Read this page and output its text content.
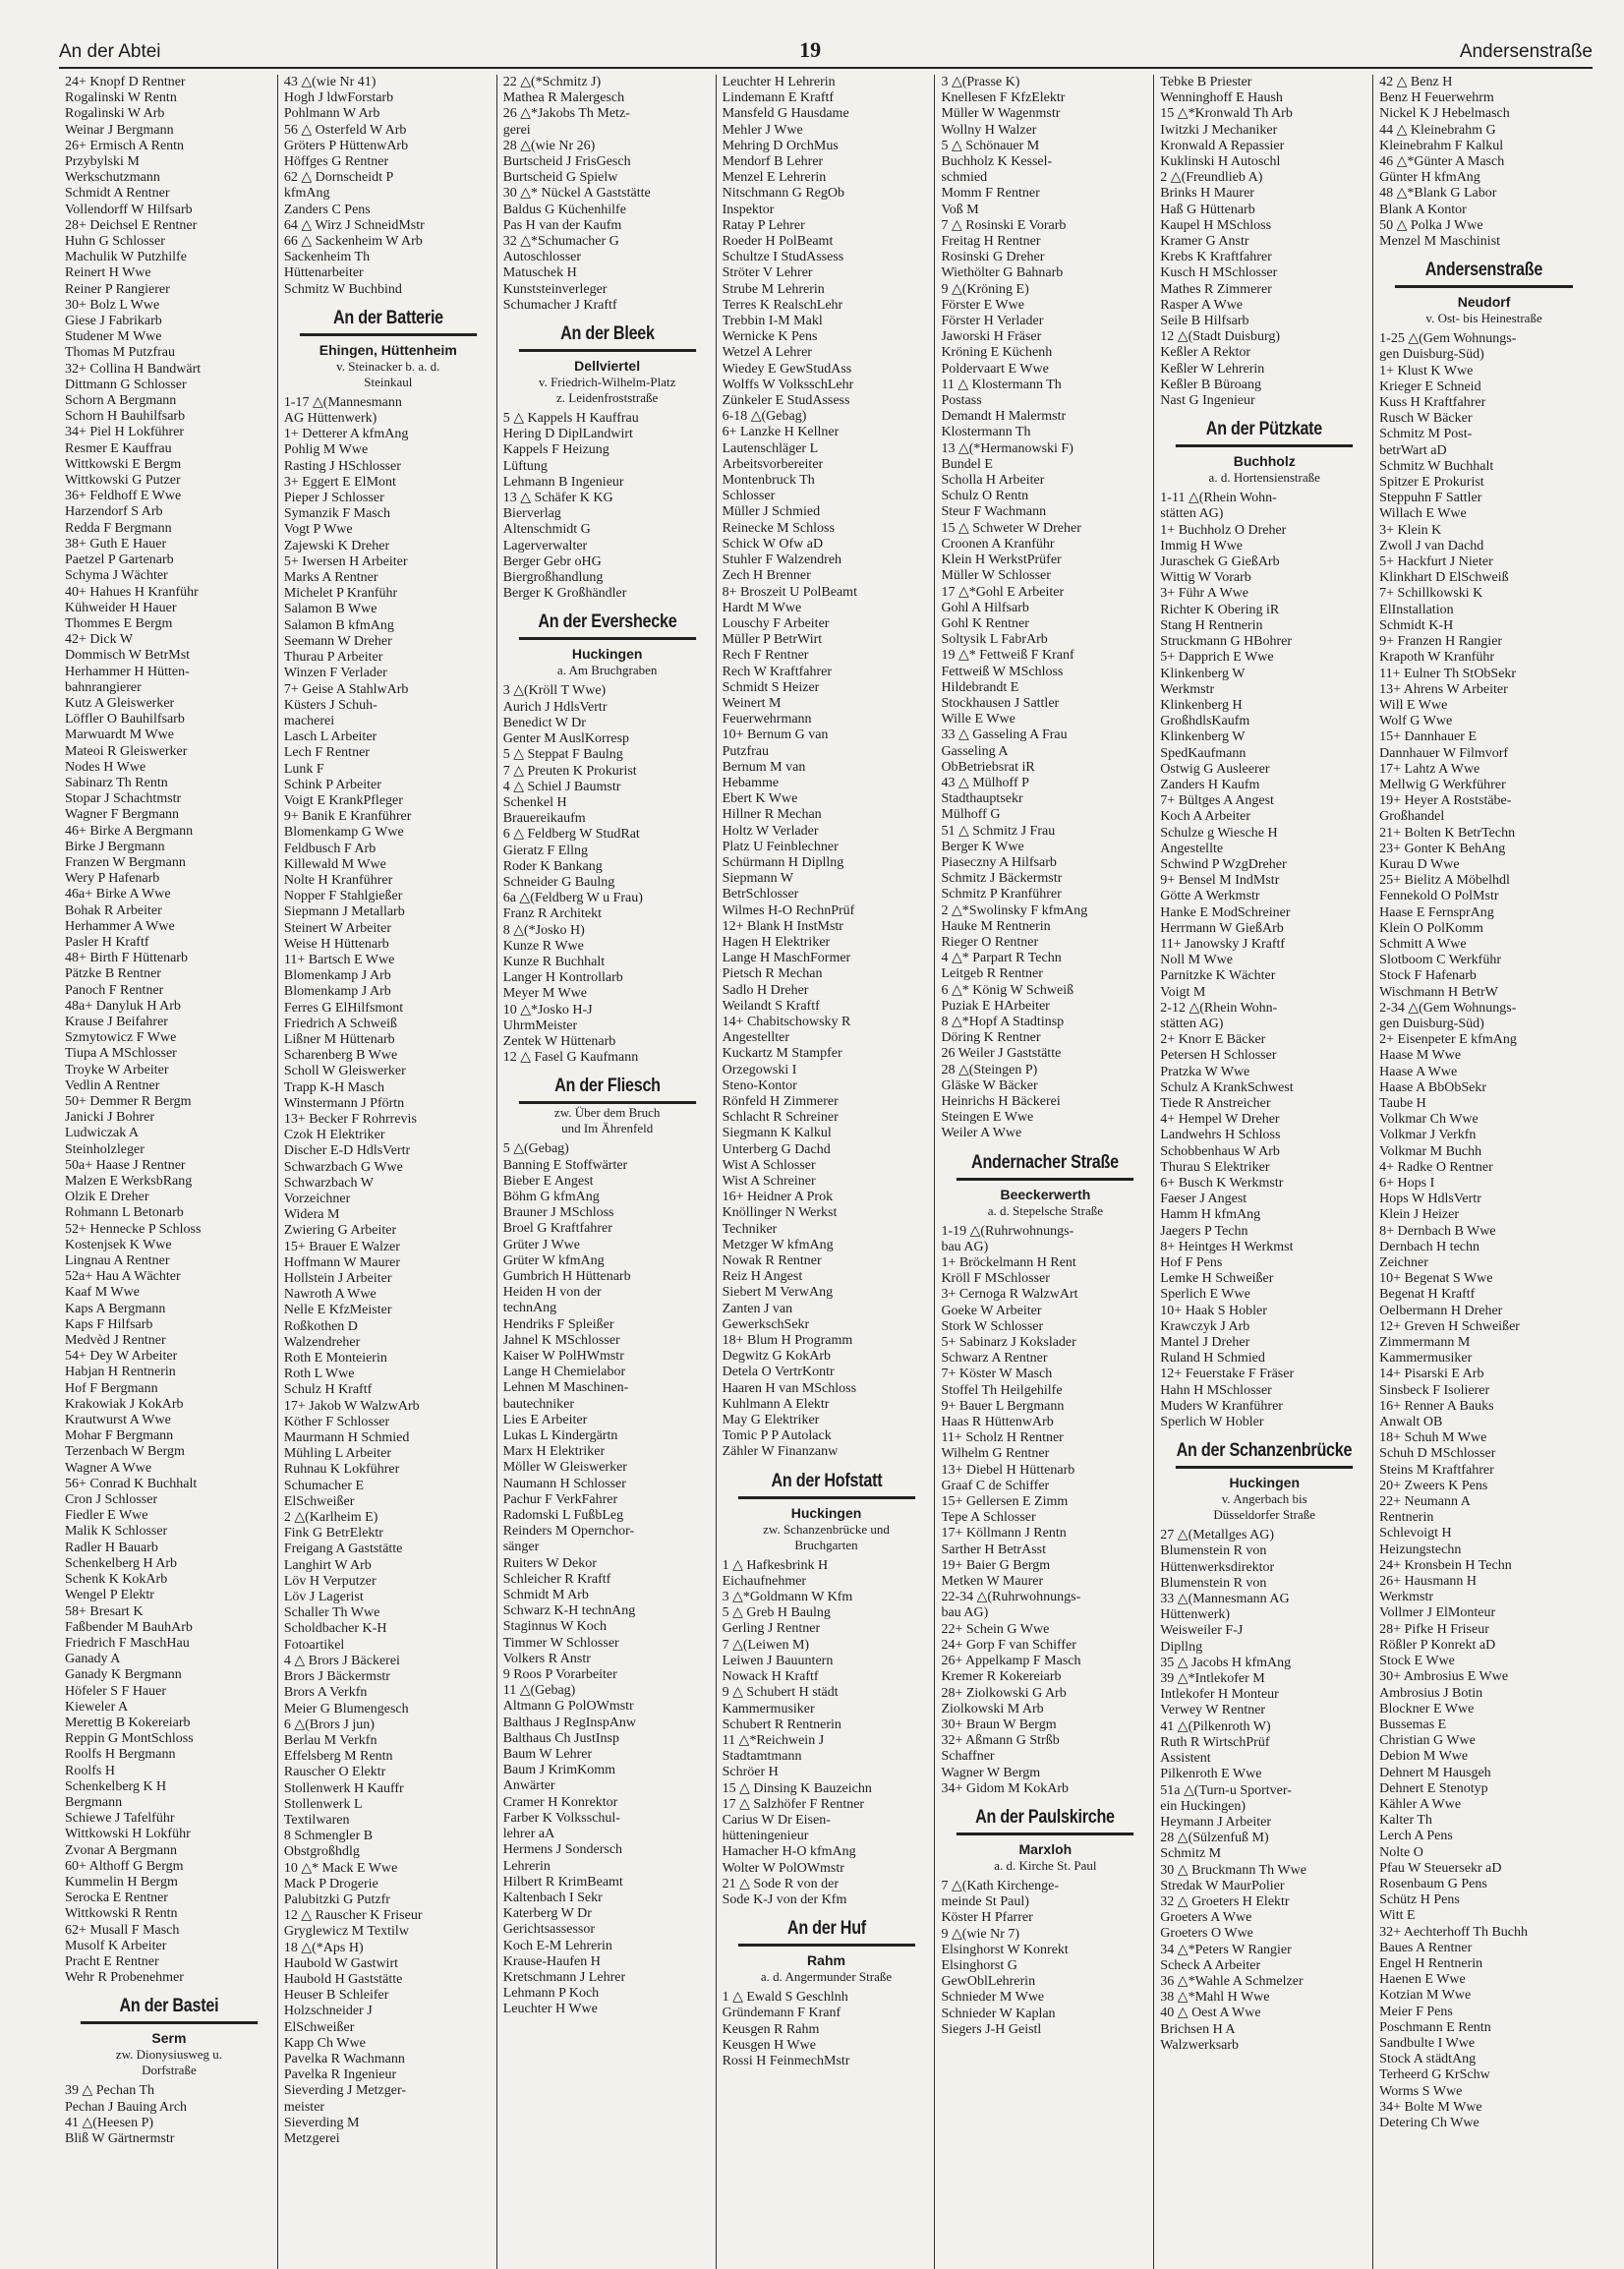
An der Abtei	19	Andersenstraße
24+ Knopf D Rentner
Rogalinski W Rentn
Rogalinski W Arb
Weinar J Bergmann
26+ Ermisch A Rentn
Przybylski M
Werkschutzmann
Schmidt A Rentner
Vollendorff W Hilfsarb
28+ Deichsel E Rentner
Huhn G Schlosser
Machulik W Putzhilfe
Reinert H Wwe
Reiner P Rangierer
30+ Bolz L Wwe
Giese J Fabrikarb
Studener M Wwe
Thomas M Putzfrau
32+ Collina H Bandwärt
Dittmann G Schlosser
Schorn A Bergmann
Schorn H Bauhilfsarb
34+ Piel H Lokführer
Resmer E Kauffrau
Wittkowski E Bergm
Wittkowski G Putzer
36+ Feldhoff E Wwe
Harzendorf S Arb
Redda F Bergmann
38+ Guth E Hauer
Paetzel P Gartenarb
Schyma J Wächter
40+ Hahues H Kranführ
Kühweider H Hauer
Thommes E Bergm
42+ Dick W
Dommisch W BetrMst
Herhammer H Hütten-
bahnrangierer
Kutz A Gleiswerker
Löffler O Bauhilfsarb
Marwuardt M Wwe
Mateoi R Gleiswerker
Nodes H Wwe
Sabinarz Th Rentn
Stopar J Schachtmstr
Wagner F Bergmann
46+ Birke A Bergmann
Birke J Bergmann
Franzen W Bergmann
Wery P Hafenarb
46a+ Birke A Wwe
Bohak R Arbeiter
Herhammer A Wwe
Pasler H Kraftf
48+ Birth F Hüttenarb
Pätzke B Rentner
Panoch F Rentner
48a+ Danyluk H Arb
Krause J Beifahrer
Szmytowicz F Wwe
Tiupa A MSchlosser
Troyke W Arbeiter
Vedlin A Rentner
50+ Demmer R Bergm
Janicki J Bohrer
Ludwiczak A
Steinholzleger
50a+ Haase J Rentner
Malzen E WerksbRang
Olzik E Dreher
Rohmann L Betonarb
52+ Hennecke P Schloss
Kostenjsek K Wwe
Lingnau A Rentner
52a+ Hau A Wächter
Kaaf M Wwe
Kaps A Bergmann
Kaps F Hilfsarb
Medvèd J Rentner
54+ Dey W Arbeiter
Habjan H Rentnerin
Hof F Bergmann
Krakowiak J KokArb
Krautwurst A Wwe
Mohar F Bergmann
Terzenbach W Bergm
Wagner A Wwe
56+ Conrad K Buchhalt
Cron J Schlosser
Fiedler E Wwe
Malik K Schlosser
Radler H Bauarb
Schenkelberg H Arb
Schenk K KokArb
Wengel P Elektr
58+ Bresart K
Faßbender M BauhArb
Friedrich F MaschHau
Ganady A
Ganady K Bergmann
Höfeler S F Hauer
Kieweler A
Merettig B Kokereiarb
Reppin G MontSchloss
Roolfs H Bergmann
Roolfs H
Schenkelberg K H
Bergmann
Schiewe J Tafelführ
Wittkowski H Lokführ
Zvonar A Bergmann
60+ Althoff G Bergm
Kummelin H Bergm
Serocka E Rentner
Wittkowski R Rentn
62+ Musall F Masch
Musolf K Arbeiter
Pracht E Rentner
Wehr R Probenehmer
An der Bastei
Serm
zw. Dionysiusweg u.
Dorfstraße
39 △ Pechan Th
Pechan J Bauing Arch
41 △(Heesen P)
Bliß W Gärtnermstr
43 △(wie Nr 41)
Hogh J ldwForstarb
Pohlmann W Arb
56 △ Osterfeld W Arb
Gröters P HüttenwArb
Höffges G Rentner
62 △ Dornscheidt P
kfmAng
Zanders C Pens
64 △ Wirz J SchneidMstr
66 △ Sackenheim W Arb
Sackenheim Th
Hüttenarbeiter
Schmitz W Buchbind
An der Batterie
Ehingen, Hüttenheim
v. Steinacker b. a. d.
Steinkaul
1-17 △(Mannesmann
AG Hüttenwerk)
1+ Detterer A kfmAng
Pohlig M Wwe
Rasting J HSchlosser
3+ Eggert E ElMont
Pieper J Schlosser
Symanzik F Masch
Vogt P Wwe
Zajewski K Dreher
5+ Iwersen H Arbeiter
Marks A Rentner
Michelet P Kranführ
Salamon B Wwe
Salamon B kfmAng
Seemann W Dreher
Thurau P Arbeiter
Winzen F Verlader
7+ Geise A StahlwArb
Küsters J Schuh-
macherei
Lasch L Arbeiter
Lech F Rentner
Lunk F
Schink P Arbeiter
Voigt E KrankPfleger
9+ Banik E Kranführer
Blomenkamp G Wwe
Feldbusch F Arb
Killewald M Wwe
Nolte H Kranführer
Nopper F Stahlgießer
Siepmann J Metallarb
Steinert W Arbeiter
Weise H Hüttenarb
11+ Bartsch E Wwe
Blomenkamp J Arb
Blomenkamp J Arb
Ferres G ElHilfsmont
Friedrich A Schweiß
Lißner M Hüttenarb
Scharenberg B Wwe
Scholl W Gleiswerker
Trapp K-H Masch
Winstermann J Pförtn
13+ Becker F Rohrrevis
Czok H Elektriker
Discher E-D HdlsVertr
Schwarzbach G Wwe
Schwarzbach W
Vorzeichner
Widera M
Zwiering G Arbeiter
15+ Brauer E Walzer
Hoffmann W Maurer
Hollstein J Arbeiter
Nawroth A Wwe
Nelle E KfzMeister
Roßkothen D
Walzendreher
Roth E Monteierin
Roth L Wwe
Schulz H Kraftf
17+ Jakob W WalzwArb
Köther F Schlosser
Maurmann H Schmied
Mühling L Arbeiter
Ruhnau K Lokführer
Schumacher E
ElSchweißer
2 △(Karlheim E)
Fink G BetrElektr
Freigang A Gaststätte
Langhirt W Arb
Löv H Verputzer
Löv J Lagerist
Schaller Th Wwe
Scholdbacher K-H
Fotoartikel
4 △ Brors J Bäckerei
Brors J Bäckermstr
Brors A Verkfn
Meier G Blumengesch
6 △(Brors J jun)
Berlau M Verkfn
Effelsberg M Rentn
Rauscher O Elektr
Stollenwerk H Kauffr
Stollenwerk L
Textilwaren
8 Schmengler B
Obstgroßhdlg
10 △* Mack E Wwe
Mack P Drogerie
Palubitzki G Putzfr
12 △ Rauscher K Friseur
Gryglewicz M Textilw
18 △(*Aps H)
Haubold W Gastwirt
Haubold H Gaststätte
Heuser B Schleifer
Holzschneider J
ElSchweißer
Kapp Ch Wwe
Pavelka R Wachmann
Pavelka R Ingenieur
Sieverding J Metzger-
meister
Sieverding M
Metzgerei
22 △(*Schmitz J)
Mathea R Malergesch
26 △*Jakobs Th Metz-
gerei
28 △(wie Nr 26)
Burtscheid J FrisGesch
Burtscheid G Spielw
30 △* Nückel A Gaststätte
Baldus G Küchenhilfe
Pas H van der Kaufm
32 △*Schumacher G
Autoschlosser
Matuschek H
Kunststeinverleger
Schumacher J Kraftf
An der Bleek
Dellviertel
v. Friedrich-Wilhelm-Platz
z. Leidenfroststraße
5 △ Kappels H Kauffrau
Hering D DiplLandwirt
Kappels F Heizung
Lüftung
Lehmann B Ingenieur
13 △ Schäfer K KG
Bierverlag
Altenschmidt G
Lagerverwalter
Berger Gebr oHG
Biergroßhandlung
Berger K Großhändler
An der Evershecke
Huckingen
a. Am Bruchgraben
3 △(Kröll T Wwe)
Aurich J HdlsVertr
Benedict W Dr
Genter M AuslKorresp
5 △ Steppat F Baulng
7 △ Preuten K Prokurist
4 △ Schiel J Baumstr
Schenkel H
Brauereikaufm
6 △ Feldberg W StudRat
Gieratz F Ellng
Roder K Bankang
Schneider G Baulng
6a △(Feldberg W u Frau)
Franz R Architekt
8 △(*Josko H)
Kunze R Wwe
Kunze R Buchhalt
Langer H Kontrollarb
Meyer M Wwe
10 △*Josko H-J
UhrmMeister
Zentek W Hüttenarb
12 △ Fasel G Kaufmann
An der Fliesch
zw. Über dem Bruch
und Im Ährenfeld
5 △(Gebag)
Banning E Stoffwärter
Bieber E Angest
Böhm G kfmAng
Brauner J MSchloss
Broel G Kraftfahrer
Grüter J Wwe
Grüter W kfmAng
Gumbrich H Hüttenarb
Heiden H von der
technAng
Hendriks F Spleißer
Jahnel K MSchlosser
Kaiser W PolHWmstr
Lange H Chemielabor
Lehnen M Maschinen-
bautechniker
Lies E Arbeiter
Lukas L Kindergärtn
Marx H Elektriker
Möller W Gleiswerker
Naumann H Schlosser
Pachur F VerkFahrer
Radomski L FußbLeg
Reinders M Opernchor-
sänger
Ruiters W Dekor
Schleicher R Kraftf
Schmidt M Arb
Schwarz K-H technAng
Staginnus W Koch
Timmer W Schlosser
Volkers R Anstr
9 Roos P Vorarbeiter
11 △(Gebag)
Altmann G PolOWmstr
Balthaus J RegInspAnw
Balthaus Ch JustInsp
Baum W Lehrer
Baum J KrimKomm
Anwärter
Cramer H Konrektor
Farber K Volksschul-
lehrer aA
Hermens J Sondersch
Lehrerin
Hilbert R KrimBeamt
Kaltenbach I Sekr
Katerberg W Dr
Gerichtsassessor
Koch E-M Lehrerin
Krause-Haufen H
Kretschmann J Lehrer
Lehmann P Koch
Leuchter H Wwe
Leuchter H Lehrerin
Lindemann E Kraftf
Mansfeld G Hausdame
Mehler J Wwe
Mehring D OrchMus
Mendorf B Lehrer
Menzel E Lehrerin
Nitschmann G RegOb
Inspektor
Ratay P Lehrer
Roeder H PolBeamt
Schultze I StudAssess
Ströter V Lehrer
Strube M Lehrerin
Terres K RealschLehr
Trebbin I-M Makl
Wernicke K Pens
Wetzel A Lehrer
Wiedey E GewStudAss
Wolffs W VolksschLehr
Zünkeler E StudAssess
6-18 △(Gebag)
6+ Lanzke H Kellner
Lautenschläger L
Arbeitsvorbereiter
Montenbruck Th
Schlosser
Müller J Schmied
Reinecke M Schloss
Schick W Ofw aD
Stuhler F Walzendreh
Zech H Brenner
8+ Broszeit U PolBeamt
Hardt M Wwe
Louschy F Arbeiter
Müller P BetrWirt
Rech F Rentner
Rech W Kraftfahrer
Schmidt S Heizer
Weinert M
Feuerwehrmann
10+ Bernum G van
Putzfrau
Bernum M van
Hebamme
Ebert K Wwe
Hillner R Mechan
Holtz W Verlader
Platz U Feinblechner
Schürmann H Dipllng
Siepmann W
BetrSchlosser
Wilmes H-O RechnPrüf
12+ Blank H InstMstr
Hagen H Elektriker
Lange H MaschFormer
Pietsch R Mechan
Sadlo H Dreher
Weilandt S Kraftf
14+ Chabitschowsky R
Angestellter
Kuckartz M Stampfer
Orzegowski I
Steno-Kontor
Rönfeld H Zimmerer
Schlacht R Schreiner
Siegmann K Kalkul
Unterberg G Dachd
Wist A Schlosser
Wist A Schreiner
16+ Heidner A Prok
Knöllinger N Werkst
Techniker
Metzger W kfmAng
Nowak R Rentner
Reiz H Angest
Siebert M VerwAng
Zanten J van
GewerkschSekr
18+ Blum H Programm
Degwitz G KokArb
Detela O VertrKontr
Haaren H van MSchloss
Kuhlmann A Elektr
May G Elektriker
Tomic P P Autolack
Zähler W Finanzanw
An der Hofstatt
Huckingen
zw. Schanzenbrücke und
Bruchgarten
1 △ Hafkesbrink H
Eichaufnehmer
3 △*Goldmann W Kfm
5 △ Greb H Baulng
Gerling J Rentner
7 △(Leiwen M)
Leiwen J Bauuntern
Nowack H Kraftf
9 △ Schubert H städt
Kammermusiker
Schubert R Rentnerin
11 △*Reichwein J
Stadtamtmann
Schröer H
15 △ Dinsing K Bauzeichn
17 △ Salzhöfer F Rentner
Carius W Dr Eisen-
hütteningenieur
Hamacher H-O kfmAng
Wolter W PolOWmstr
21 △ Sode R von der
Sode K-J von der Kfm
An der Huf
Rahm
a. d. Angermunder Straße
1 △ Ewald S Geschlnh
Gründemann F Kranf
Keusgen R Rahm
Keusgen H Wwe
Rossi H FeinmechMstr
3 △(Prasse K)
Knellesen F KfzElektr
Müller W Wagenmstr
Wollny H Walzer
5 △ Schönauer M
Buchholz K Kessel-
schmied
Momm F Rentner
Voß M
7 △ Rosinski E Vorarb
Freitag H Rentner
Rosinski G Dreher
Wiethölter G Bahnarb
9 △(Kröning E)
Förster E Wwe
Förster H Verlader
Jaworski H Fräser
Kröning E Küchenh
Poldervaart E Wwe
11 △ Klostermann Th
Postass
Demandt H Malermstr
Klostermann Th
13 △(*Hermanowski F)
Bundel E
Scholla H Arbeiter
Schulz O Rentn
Steur F Wachmann
15 △ Schweter W Dreher
Croonen A Kranführ
Klein H WerkstPrüfer
Müller W Schlosser
17 △*Gohl E Arbeiter
Gohl A Hilfsarb
Gohl K Rentner
Soltysik L FabrArb
19 △* Fettweiß F Kranf
Fettweiß W MSchloss
Hildebrandt E
Stockhausen J Sattler
Wille E Wwe
33 △ Gasseling A Frau
Gasseling A
ObBetriebsrat iR
43 △ Mülhoff P
Stadthauptsekr
Mülhoff G
51 △ Schmitz J Frau
Berger K Wwe
Piaseczny A Hilfsarb
Schmitz J Bäckermstr
Schmitz P Kranführer
2 △*Swolinsky F kfmAng
Hauke M Rentnerin
Rieger O Rentner
4 △* Parpart R Techn
Leitgeb R Rentner
6 △* König W Schweiß
Puziak E HArbeiter
8 △*Hopf A Stadtinsp
Döring K Rentner
26 Weiler J Gaststätte
28 △(Steingen P)
Gläske W Bäcker
Heinrichs H Bäckerei
Steingen E Wwe
Weiler A Wwe
Andernacher Straße
Beeckerwerth
a. d. Stepelsche Straße
1-19 △(Ruhrwohnungs-
bau AG)
1+ Bröckelmann H Rent
Kröll F MSchlosser
3+ Cernoga R WalzwArt
Goeke W Arbeiter
Stork W Schlosser
5+ Sabinarz J Kokslader
Schwarz A Rentner
7+ Köster W Masch
Stoffel Th Heilgehilfe
9+ Bauer L Bergmann
Haas R HüttenwArb
11+ Scholz H Rentner
Wilhelm G Rentner
13+ Diebel H Hüttenarb
Graaf C de Schiffer
15+ Gellersen E Zimm
Tepe A Schlosser
17+ Köllmann J Rentn
Sarther H BetrAsst
19+ Baier G Bergm
Metken W Maurer
22-34 △(Ruhrwohnungs-
bau AG)
22+ Schein G Wwe
24+ Gorp F van Schiffer
26+ Appelkamp F Masch
Kremer R Kokereiarb
28+ Ziolkowski G Arb
Ziolkowski M Arb
30+ Braun W Bergm
32+ Aßmann G Strßb
Schaffner
Wagner W Bergm
34+ Gidom M KokArb
An der Paulskirche
Marxloh
a. d. Kirche St. Paul
7 △(Kath Kirchenge-
meinde St Paul)
Köster H Pfarrer
9 △(wie Nr 7)
Elsinghorst W Konrekt
Elsinghorst G
GewOblLehrerin
Schnieder M Wwe
Schnieder W Kaplan
Siegers J-H Geistl
Tebke B Priester
Wenninghoff E Haush
15 △*Kronwald Th Arb
Iwitzki J Mechaniker
Kronwald A Repassier
Kuklinski H Autoschl
2 △(Freundlieb A)
Brinks H Maurer
Haß G Hüttenarb
Kaupel H MSchloss
Kramer G Anstr
Krebs K Kraftfahrer
Kusch H MSchlosser
Mathes R Zimmerer
Rasper A Wwe
Seile B Hilfsarb
12 △(Stadt Duisburg)
Keßler A Rektor
Keßler W Lehrerin
Keßler B Büroang
Nast G Ingenieur
An der Pützkate
Buchholz
a. d. Hortensienstraße
1-11 △(Rhein Wohn-
stätten AG)
1+ Buchholz O Dreher
Immig H Wwe
Juraschek G GießArb
Wittig W Vorarb
3+ Führ A Wwe
Richter K Obering iR
Stang H Rentnerin
Struckmann G HBohrer
5+ Dapprich E Wwe
Klinkenberg W
Werkmstr
Klinkenberg H
GroßhdlsKaufm
Klinkenberg W
SpedKaufmann
Ostwig G Ausleerer
Zanders H Kaufm
7+ Bültges A Angest
Koch A Arbeiter
Schulze g Wiesche H
Angestellte
Schwind P WzgDreher
9+ Bensel M IndMstr
Götte A Werkmstr
Hanke E ModSchreiner
Herrmann W GießArb
11+ Janowsky J Kraftf
Noll M Wwe
Parnitzke K Wächter
Voigt M
2-12 △(Rhein Wohn-
stätten AG)
2+ Knorr E Bäcker
Petersen H Schlosser
Pratzka W Wwe
Schulz A KrankSchwest
Tiede R Anstreicher
4+ Hempel W Dreher
Landwehrs H Schloss
Schobbenhaus W Arb
Thurau S Elektriker
6+ Busch K Werkmstr
Faeser J Angest
Hamm H kfmAng
Jaegers P Techn
8+ Heintges H Werkmst
Hof F Pens
Lemke H Schweißer
Sperlich E Wwe
10+ Haak S Hobler
Krawczyk J Arb
Mantel J Dreher
Ruland H Schmied
12+ Feuerstake F Fräser
Hahn H MSchlosser
Muders W Kranführer
Sperlich W Hobler
An der Schanzenbrücke
Huckingen
v. Angerbach bis
Düsseldorfer Straße
27 △(Metallges AG)
Blumenstein R von
Hüttenwerksdirektor
Blumenstein R von
33 △(Mannesmann AG
Hüttenwerk)
Weisweiler F-J
Dipllng
35 △ Jacobs H kfmAng
39 △*Intlekofer M
Intlekofer H Monteur
Verwey W Rentner
41 △(Pilkenroth W)
Ruth R WirtschPrüf
Assistent
Pilkenroth E Wwe
51a △(Turn-u Sportver-
ein Huckingen)
Heymann J Arbeiter
28 △(Sülzenfuß M)
Schmitz M
30 △ Bruckmann Th Wwe
Stredak W MaurPolier
32 △ Groeters H Elektr
Groeters A Wwe
Groeters O Wwe
34 △*Peters W Rangier
Scheck A Arbeiter
36 △*Wahle A Schmelzer
38 △*Mahl H Wwe
40 △ Oest A Wwe
Brichsen H A
Walzwerksarb
42 △ Benz H
Benz H Feuerwehrm
Nickel K J Hebelmasch
44 △ Kleinebrahm G
Kleinebrahm F Kalkul
46 △*Günter A Masch
Günter H kfmAng
48 △*Blank G Labor
Blank A Kontor
50 △ Polka J Wwe
Menzel M Maschinist
Andersenstraße
Neudorf
v. Ost- bis Heinestraße
1-25 △(Gem Wohnungs-
gen Duisburg-Süd)
1+ Klust K Wwe
Krieger E Schneid
Kuss H Kraftfahrer
Rusch W Bäcker
Schmitz M Post-
betrWart aD
Schmitz W Buchhalt
Spitzer E Prokurist
Steppuhn F Sattler
Willach E Wwe
3+ Klein K
Zwoll J van Dachd
5+ Hackfurt J Nieter
Klinkhart D ElSchweiß
7+ Schillkowski K
ElInstallation
Schmidt K-H
9+ Franzen H Rangier
Krapoth W Kranführ
11+ Eulner Th StObSekr
13+ Ahrens W Arbeiter
Will E Wwe
Wolf G Wwe
15+ Dannhauer E
Dannhauer W Filmvorf
17+ Lahtz A Wwe
Mellwig G Werkführer
19+ Heyer A Roststäbe-
Großhandel
21+ Bolten K BetrTechn
23+ Gonter K BehAng
Kurau D Wwe
25+ Bielitz A Möbelhdl
Fennekold O PolMstr
Haase E FernsprAng
Klein O PolKomm
Schmitt A Wwe
Slotboom C Werkführ
Stock F Hafenarb
Wischmann H BetrW
2-34 △(Gem Wohnungs-
gen Duisburg-Süd)
2+ Eisenpeter E kfmAng
Haase M Wwe
Haase A Wwe
Haase A BbObSekr
Taube H
Volkmar Ch Wwe
Volkmar J Verkfn
Volkmar M Buchh
4+ Radke O Rentner
6+ Hops I
Hops W HdlsVertr
Klein J Heizer
8+ Dernbach B Wwe
Dernbach H techn
Zeichner
10+ Begenat S Wwe
Begenat H Kraftf
Oelbermann H Dreher
12+ Greven H Schweißer
Zimmermann M
Kammermusiker
14+ Pisarski E Arb
Sinsbeck F Isolierer
16+ Renner A Bauks
Anwalt OB
18+ Schuh M Wwe
Schuh D MSchlosser
Steins M Kraftfahrer
20+ Zweers K Pens
22+ Neumann A
Rentnerin
Schlevoigt H
Heizungstechn
24+ Kronsbein H Techn
26+ Hausmann H
Werkmstr
Vollmer J ElMonteur
28+ Pifke H Friseur
Rößler P Konrekt aD
Stock E Wwe
30+ Ambrosius E Wwe
Ambrosius J Botin
Blockner E Wwe
Bussemas E
Christian G Wwe
Debion M Wwe
Dehnert M Hausgeh
Dehnert E Stenotyp
Kähler A Wwe
Kalter Th
Lerch A Pens
Nolte O
Pfau W Steuersekr aD
Rosenbaum G Pens
Schütz H Pens
Witt E
32+ Aechterhoff Th Buchh
Baues A Rentner
Engel H Rentnerin
Haenen E Wwe
Kotzian M Wwe
Meier F Pens
Poschmann E Rentn
Sandbulte I Wwe
Stock A städtAng
Terheerd G KrSchw
Worms S Wwe
34+ Bolte M Wwe
Detering Ch Wwe
